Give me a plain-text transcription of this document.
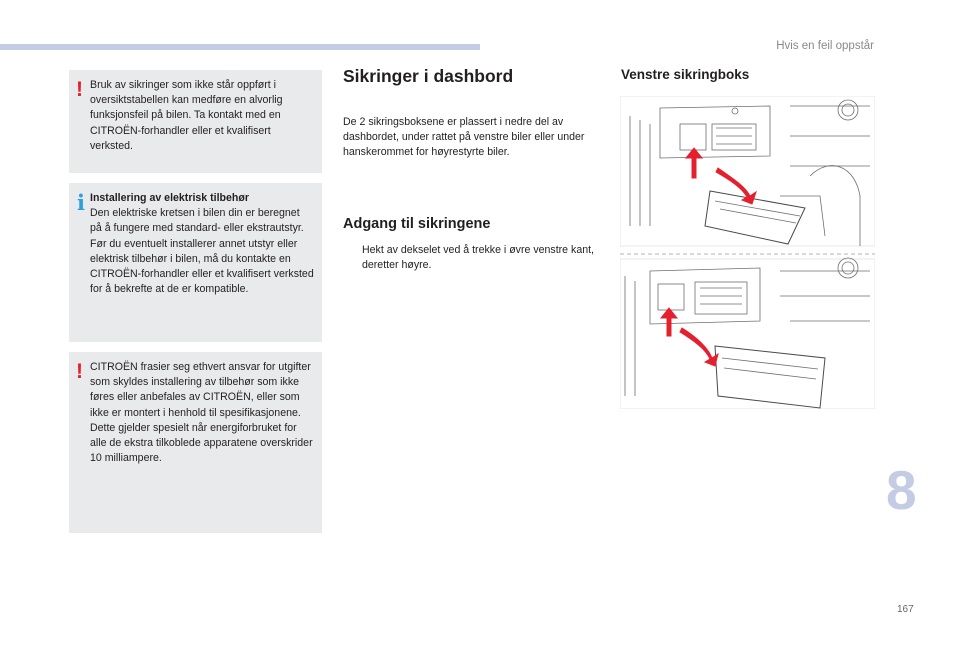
Hvis en feil oppstår
! Bruk av sikringer som ikke står oppført i oversiktstabellen kan medføre en alvorlig funksjonsfeil på bilen. Ta kontakt med en CITROËN-forhandler eller et kvalifisert verksted.
i Installering av elektrisk tilbehør
Den elektriske kretsen i bilen din er beregnet på å fungere med standard- eller ekstrautstyr.
Før du eventuelt installerer annet utstyr eller elektrisk tilbehør i bilen, må du kontakte en CITROËN-forhandler eller et kvalifisert verksted for å bekrefte at de er kompatible.
! CITROËN frasier seg ethvert ansvar for utgifter som skyldes installering av tilbehør som ikke føres eller anbefales av CITROËN, eller som ikke er montert i henhold til spesifikasjonene. Dette gjelder spesielt når energiforbruket for alle de ekstra tilkoblede apparatene overskrider 10 milliampere.
Sikringer i dashbord
De 2 sikringsboksene er plassert i nedre del av dashbordet, under rattet på venstre biler eller under hanskerommet for høyrestyrte biler.
Adgang til sikringene
Hekt av dekselet ved å trekke i øvre venstre kant, deretter høyre.
Venstre sikringboks
8
167
